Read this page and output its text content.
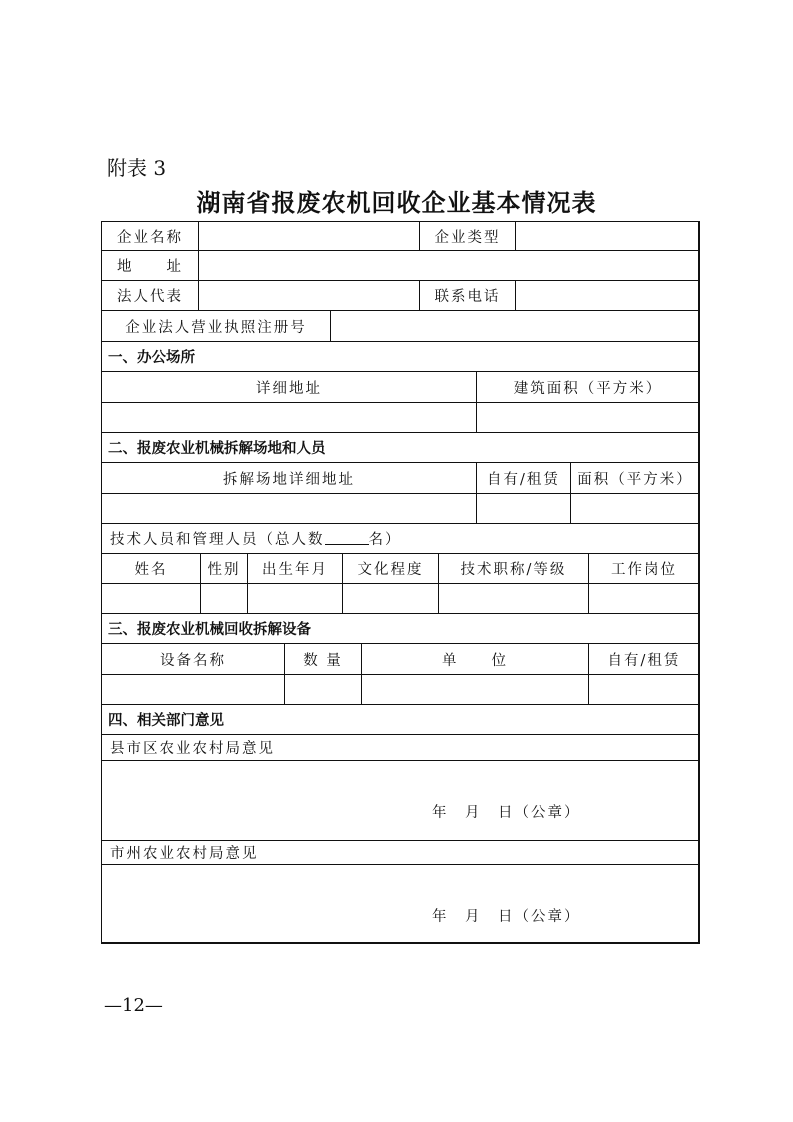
附表 3
湖南省报废农机回收企业基本情况表
企业名称	企业类型
地　　址
法人代表	联系电话
企业法人营业执照注册号
一、办公场所
详细地址	建筑面积（平方米）
二、报废农业机械拆解场地和人员
拆解场地详细地址	自有/租赁	面积（平方米）
技术人员和管理人员（总人数	名）
姓名	性别	出生年月	文化程度	技术职称/等级	工作岗位
三、报废农业机械回收拆解设备
设备名称	数 量	单　　位	自有/租赁
四、相关部门意见
县市区农业农村局意见
年　月　日（公章）
市州农业农村局意见
年　月　日（公章）
—12—
